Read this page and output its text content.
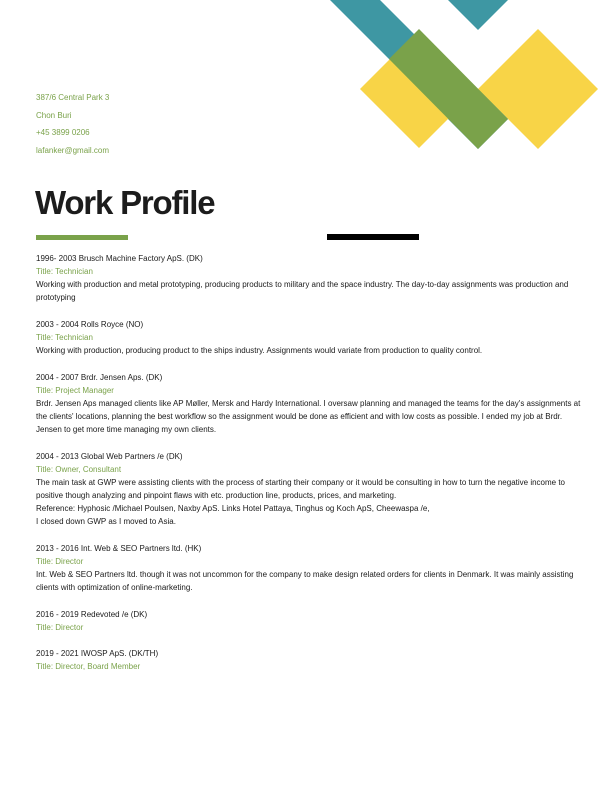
387/6 Central Park 3
Chon Buri
+45 3899 0206
lafanker@gmail.com
Work Profile
1996- 2003 Brusch Machine Factory ApS. (DK)
Title: Technician
Working with production and metal prototyping, producing products to military and the space industry. The day-to-day assignments was production and prototyping
2003 - 2004 Rolls Royce (NO)
Title: Technician
Working with production, producing product to the ships industry. Assignments would variate from production to quality control.
2004 - 2007 Brdr. Jensen Aps. (DK)
Title: Project Manager
Brdr. Jensen Aps managed clients like AP Møller, Mersk and Hardy International. I oversaw planning and managed the teams for the day's assignments at the clients' locations, planning the best workflow so the assignment would be done as efficient and with low costs as possible. I ended my job at Brdr. Jensen to get more time managing my own clients.
2004 - 2013 Global Web Partners /e (DK)
Title: Owner, Consultant
The main task at GWP were assisting clients with the process of starting their company or it would be consulting in how to turn the negative income to positive though analyzing and pinpoint flaws with etc. production line, products, prices, and marketing.
Reference: Hyphosic /Michael Poulsen, Naxby ApS. Links Hotel Pattaya, Tinghus og Koch ApS, Cheewaspa /e,
I closed down GWP as I moved to Asia.
2013 - 2016 Int. Web & SEO Partners ltd. (HK)
Title: Director
Int. Web & SEO Partners ltd. though it was not uncommon for the company to make design related orders for clients in Denmark. It was mainly assisting clients with optimization of online-marketing.
2016 - 2019 Redevoted /e (DK)
Title: Director
2019 - 2021 IWOSP ApS. (DK/TH)
Title: Director, Board Member
